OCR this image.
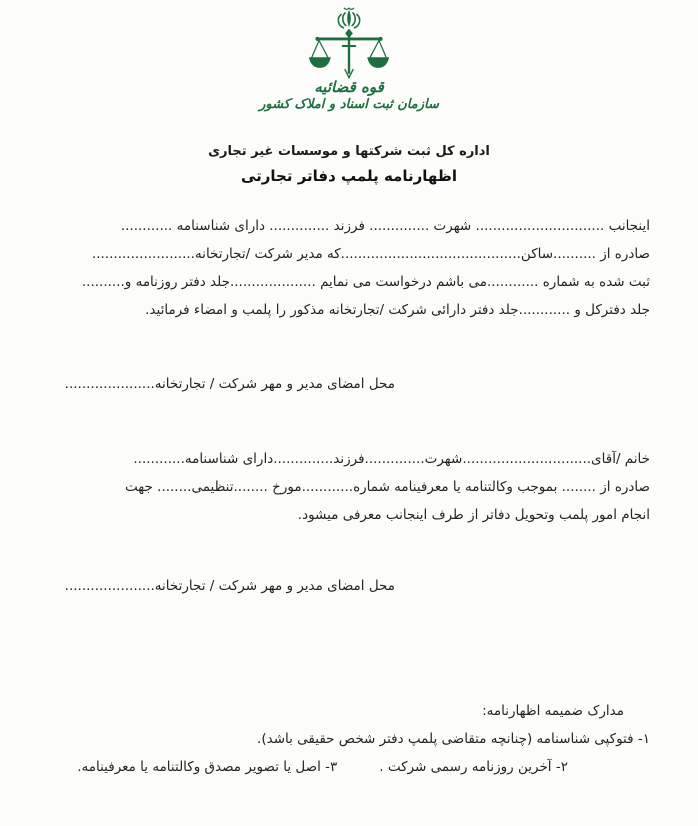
قوه قضائیه
سازمان ثبت اسناد و املاک کشور
اداره کل ثبت شرکتها و موسسات غیر تجاری
اظهارنامه پلمپ دفاتر تجارتی
اینجانب .............................. شهرت .............. فرزند .............. دارای شناسنامه ............
صادره از ..........ساکن..........................................که مدیر شرکت /تجارتخانه........................
ثبت شده به شماره ............می باشم درخواست می نمایم ....................جلد دفتر روزنامه و..........
جلد دفترکل و ............جلد دفتر دارائی شرکت /تجارتخانه مذکور را پلمب و امضاء فرمائید.
محل امضای مدیر و مهر شرکت / تجارتخانه.....................
خانم /آقای..............................شهرت..............فرزند..............دارای شناسنامه............
صادره از ........ بموجب وکالتنامه یا معرفینامه شماره............مورخ ........تنظیمی........ جهت
انجام امور پلمب وتحویل دفاتر از طرف اینجانب معرفی میشود.
محل امضای مدیر و مهر شرکت / تجارتخانه.....................
مدارک ضمیمه اظهارنامه:
۱- فتوکپی شناسنامه (چنانچه متقاضی پلمپ دفتر شخص حقیقی باشد).
۲- آخرین روزنامه رسمی شرکت .۳- اصل یا تصویر مصدق وکالتنامه یا معرفینامه.
